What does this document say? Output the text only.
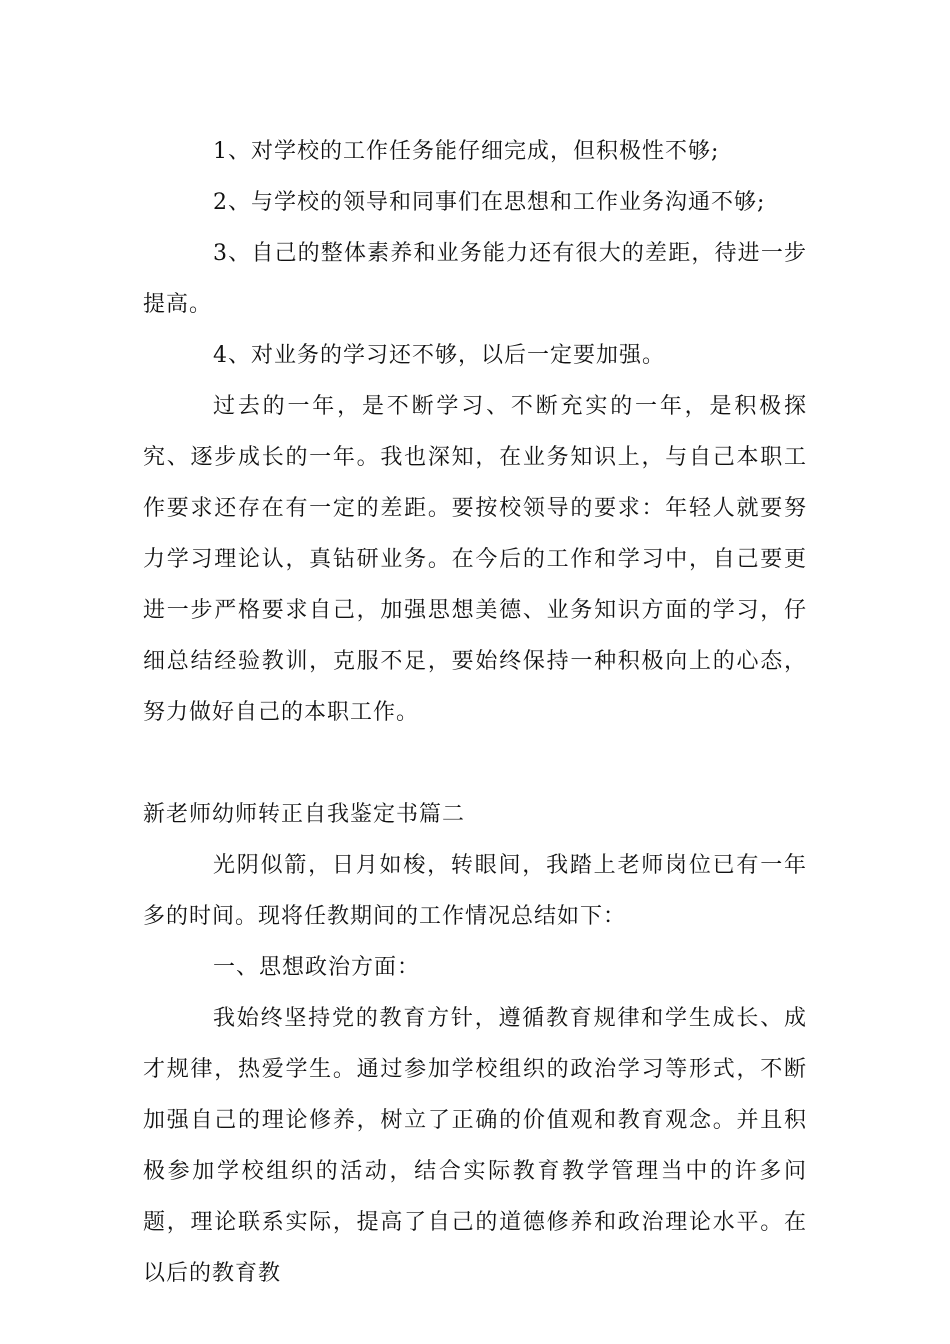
1、对学校的工作任务能仔细完成，但积极性不够;

2、与学校的领导和同事们在思想和工作业务沟通不够;

3、自己的整体素养和业务能力还有很大的差距，待进一步提高。

4、对业务的学习还不够，以后一定要加强。

过去的一年，是不断学习、不断充实的一年，是积极探究、逐步成长的一年。我也深知，在业务知识上，与自己本职工作要求还存在有一定的差距。要按校领导的要求：年轻人就要努力学习理论认，真钻研业务。在今后的工作和学习中，自己要更进一步严格要求自己，加强思想美德、业务知识方面的学习，仔细总结经验教训，克服不足，要始终保持一种积极向上的心态，努力做好自己的本职工作。

新老师幼师转正自我鉴定书篇二

光阴似箭，日月如梭，转眼间，我踏上老师岗位已有一年多的时间。现将任教期间的工作情况总结如下：

一、思想政治方面：

我始终坚持党的教育方针，遵循教育规律和学生成长、成才规律，热爱学生。通过参加学校组织的政治学习等形式，不断加强自己的理论修养，树立了正确的价值观和教育观念。并且积极参加学校组织的活动，结合实际教育教学管理当中的许多问题，理论联系实际，提高了自己的道德修养和政治理论水平。在以后的教育教
